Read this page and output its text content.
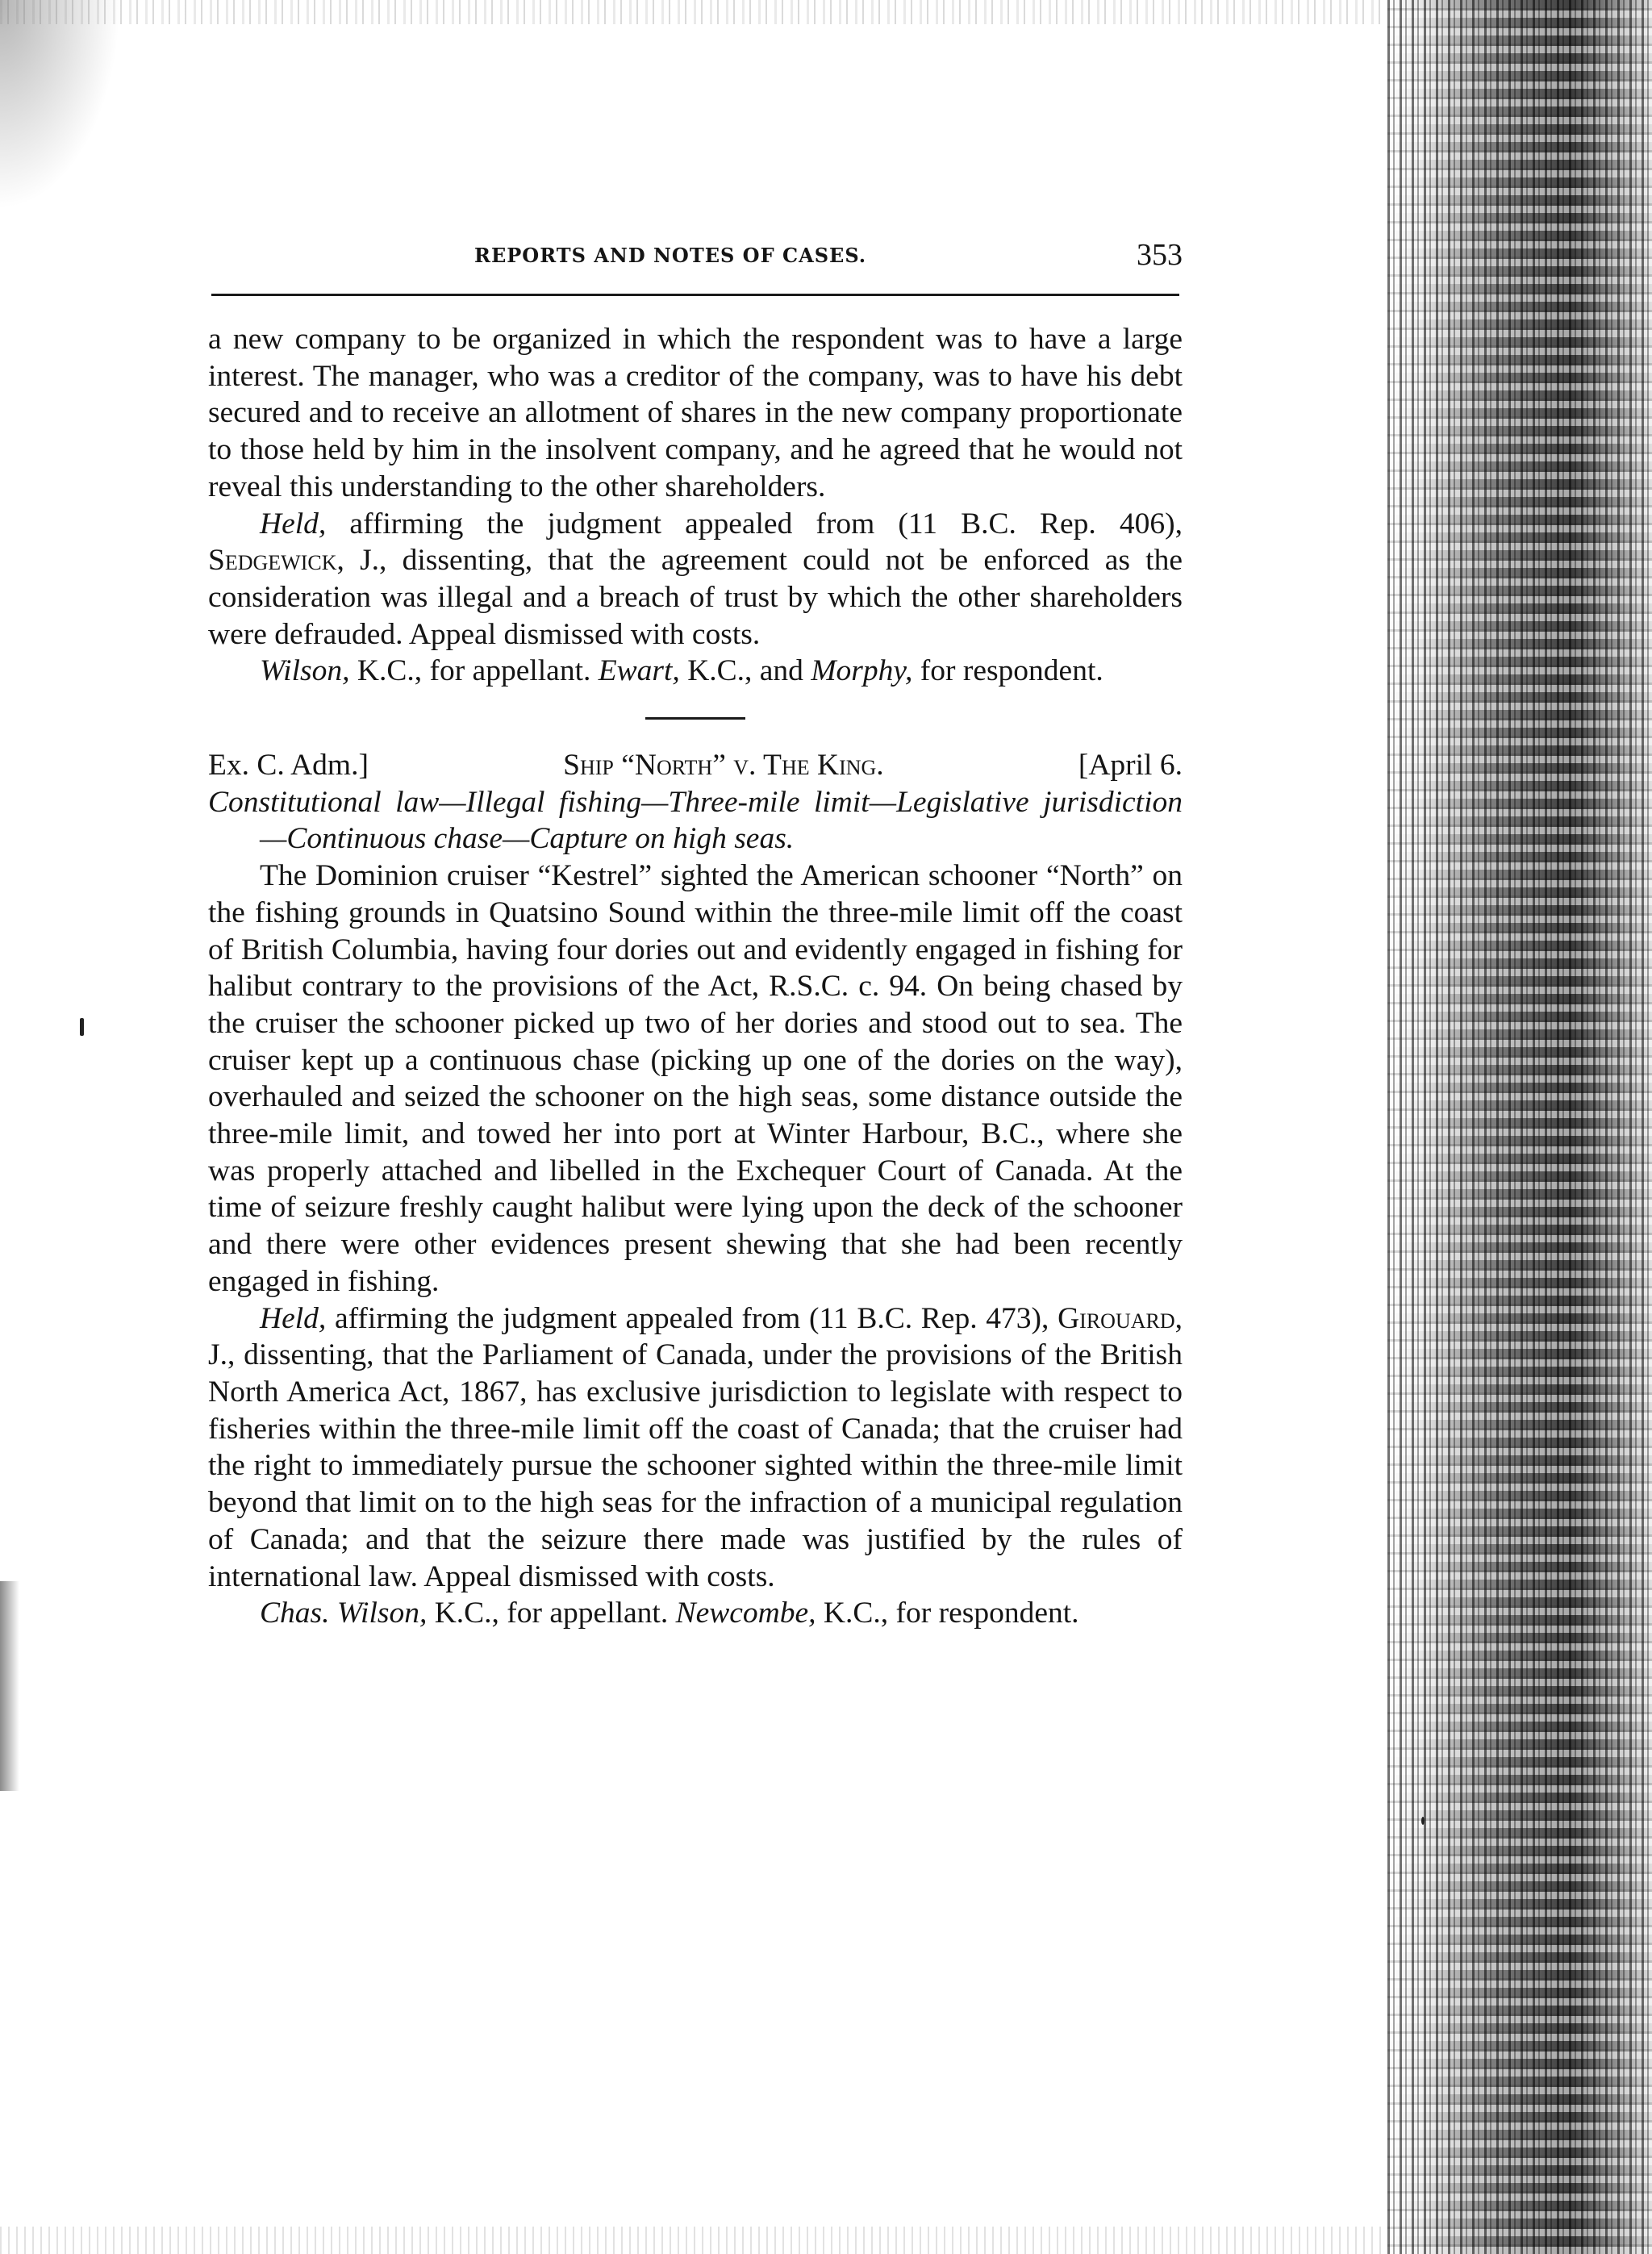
REPORTS AND NOTES OF CASES.	353

a new company to be organized in which the respondent was to have a large interest. The manager, who was a creditor of the company, was to have his debt secured and to receive an allotment of shares in the new company proportionate to those held by him in the insolvent company, and he agreed that he would not reveal this understanding to the other shareholders.

Held, affirming the judgment appealed from (11 B.C. Rep. 406), Sedgewick, J., dissenting, that the agreement could not be enforced as the consideration was illegal and a breach of trust by which the other shareholders were defrauded. Appeal dismissed with costs.

Wilson, K.C., for appellant. Ewart, K.C., and Morphy, for respondent.

Ex. C. Adm.]	Ship “North” v. The King.	[April 6.

Constitutional law—Illegal fishing—Three-mile limit—Legislative jurisdiction—Continuous chase—Capture on high seas.

The Dominion cruiser “Kestrel” sighted the American schooner “North” on the fishing grounds in Quatsino Sound within the three-mile limit off the coast of British Columbia, having four dories out and evidently engaged in fishing for halibut contrary to the provisions of the Act, R.S.C. c. 94. On being chased by the cruiser the schooner picked up two of her dories and stood out to sea. The cruiser kept up a continuous chase (picking up one of the dories on the way), overhauled and seized the schooner on the high seas, some distance outside the three-mile limit, and towed her into port at Winter Harbour, B.C., where she was properly attached and libelled in the Exchequer Court of Canada. At the time of seizure freshly caught halibut were lying upon the deck of the schooner and there were other evidences present shewing that she had been recently engaged in fishing.

Held, affirming the judgment appealed from (11 B.C. Rep. 473), Girouard, J., dissenting, that the Parliament of Canada, under the provisions of the British North America Act, 1867, has exclusive jurisdiction to legislate with respect to fisheries within the three-mile limit off the coast of Canada; that the cruiser had the right to immediately pursue the schooner sighted within the three-mile limit beyond that limit on to the high seas for the infraction of a municipal regulation of Canada; and that the seizure there made was justified by the rules of international law. Appeal dismissed with costs.

Chas. Wilson, K.C., for appellant. Newcombe, K.C., for respondent.
